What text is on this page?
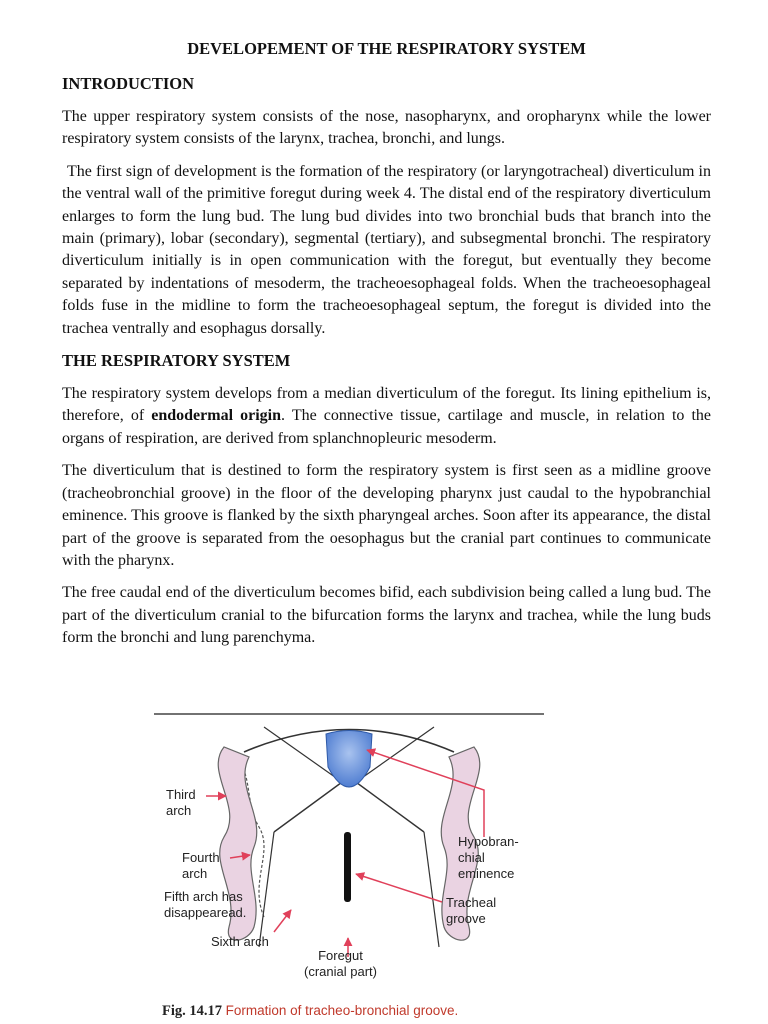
DEVELOPEMENT OF THE RESPIRATORY SYSTEM
INTRODUCTION

The upper respiratory system consists of the nose, nasopharynx, and oropharynx while the lower respiratory system consists of the larynx, trachea, bronchi, and lungs.

The first sign of development is the formation of the respiratory (or laryngotracheal) diverticulum in the ventral wall of the primitive foregut during week 4. The distal end of the respiratory diverticulum enlarges to form the lung bud. The lung bud divides into two bronchial buds that branch into the main (primary), lobar (secondary), segmental (tertiary), and subsegmental bronchi. The respiratory diverticulum initially is in open communication with the foregut, but eventually they become separated by indentations of mesoderm, the tracheoesophageal folds. When the tracheoesophageal folds fuse in the midline to form the tracheoesophageal septum, the foregut is divided into the trachea ventrally and esophagus dorsally.

THE RESPIRATORY SYSTEM

The respiratory system develops from a median diverticulum of the foregut. Its lining epithelium is, therefore, of endodermal origin. The connective tissue, cartilage and muscle, in relation to the organs of respiration, are derived from splanchnopleuric mesoderm.

The diverticulum that is destined to form the respiratory system is first seen as a midline groove (tracheobronchial groove) in the floor of the developing pharynx just caudal to the hypobranchial eminence. This groove is flanked by the sixth pharyngeal arches. Soon after its appearance, the distal part of the groove is separated from the oesophagus but the cranial part continues to communicate with the pharynx.

The free caudal end of the diverticulum becomes bifid, each subdivision being called a lung bud. The part of the diverticulum cranial to the bifurcation forms the larynx and trachea, while the lung buds form the bronchi and lung parenchyma.

Third
arch
Fourth
arch
Fifth arch has
disappearead.
Sixth arch
Foregut
(cranial part)
Hypobran-
chial
eminence
Tracheal
groove
Fig. 14.17 Formation of tracheo-bronchial groove.
